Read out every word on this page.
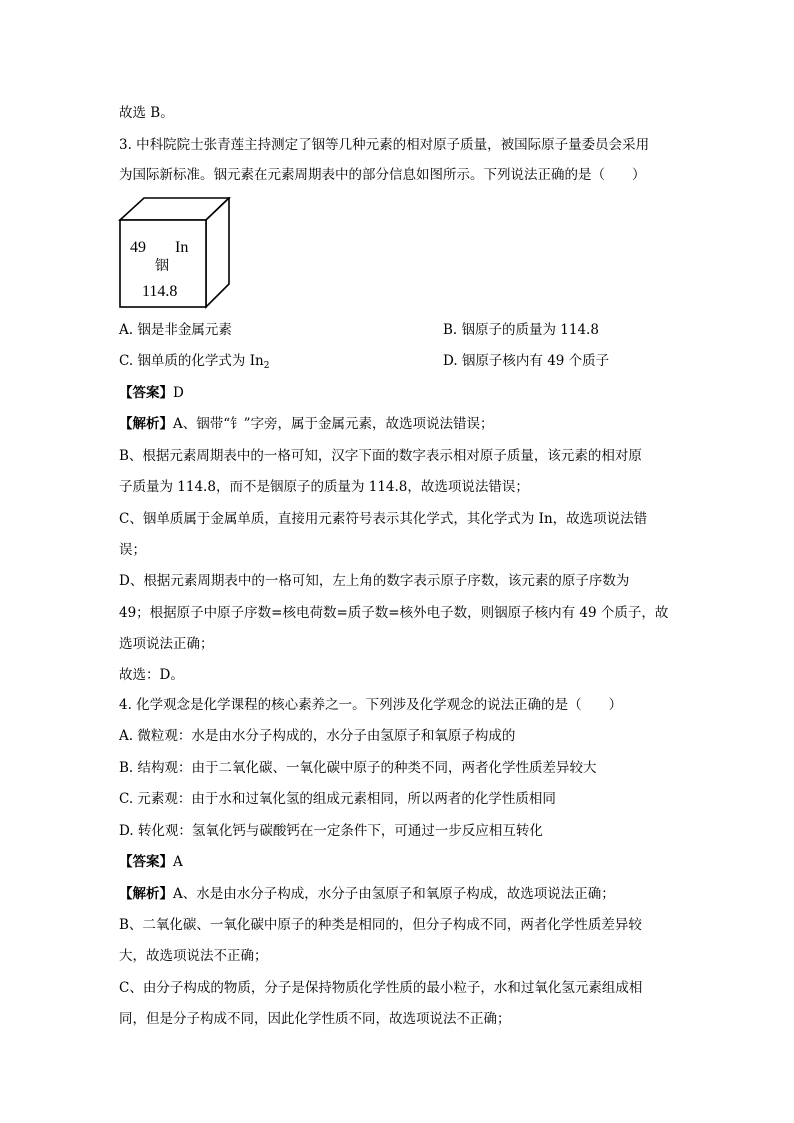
故选 B。
3. 中科院院士张青莲主持测定了铟等几种元素的相对原子质量，被国际原子量委员会采用
为国际新标准。铟元素在元素周期表中的部分信息如图所示。下列说法正确的是（　　）
49 In
铟
114.8
A. 铟是非金属元素	B. 铟原子的质量为 114.8
C. 铟单质的化学式为 $In_2$	D. 铟原子核内有 49 个质子
【答案】D
【解析】A、铟带“钅”字旁，属于金属元素，故选项说法错误；
B、根据元素周期表中的一格可知，汉字下面的数字表示相对原子质量，该元素的相对原
子质量为 114.8，而不是铟原子的质量为 114.8，故选项说法错误；
C、铟单质属于金属单质，直接用元素符号表示其化学式，其化学式为 In，故选项说法错
误；
D、根据元素周期表中的一格可知，左上角的数字表示原子序数，该元素的原子序数为
49；根据原子中原子序数=核电荷数=质子数=核外电子数，则铟原子核内有 49 个质子，故
选项说法正确；
故选：D。
4. 化学观念是化学课程的核心素养之一。下列涉及化学观念的说法正确的是（　　）
A. 微粒观：水是由水分子构成的，水分子由氢原子和氧原子构成的
B. 结构观：由于二氧化碳、一氧化碳中原子的种类不同，两者化学性质差异较大
C. 元素观：由于水和过氧化氢的组成元素相同，所以两者的化学性质相同
D. 转化观：氢氧化钙与碳酸钙在一定条件下，可通过一步反应相互转化
【答案】A
【解析】A、水是由水分子构成，水分子由氢原子和氧原子构成，故选项说法正确；
B、二氧化碳、一氧化碳中原子的种类是相同的，但分子构成不同，两者化学性质差异较
大，故选项说法不正确；
C、由分子构成的物质，分子是保持物质化学性质的最小粒子，水和过氧化氢元素组成相
同，但是分子构成不同，因此化学性质不同，故选项说法不正确；
